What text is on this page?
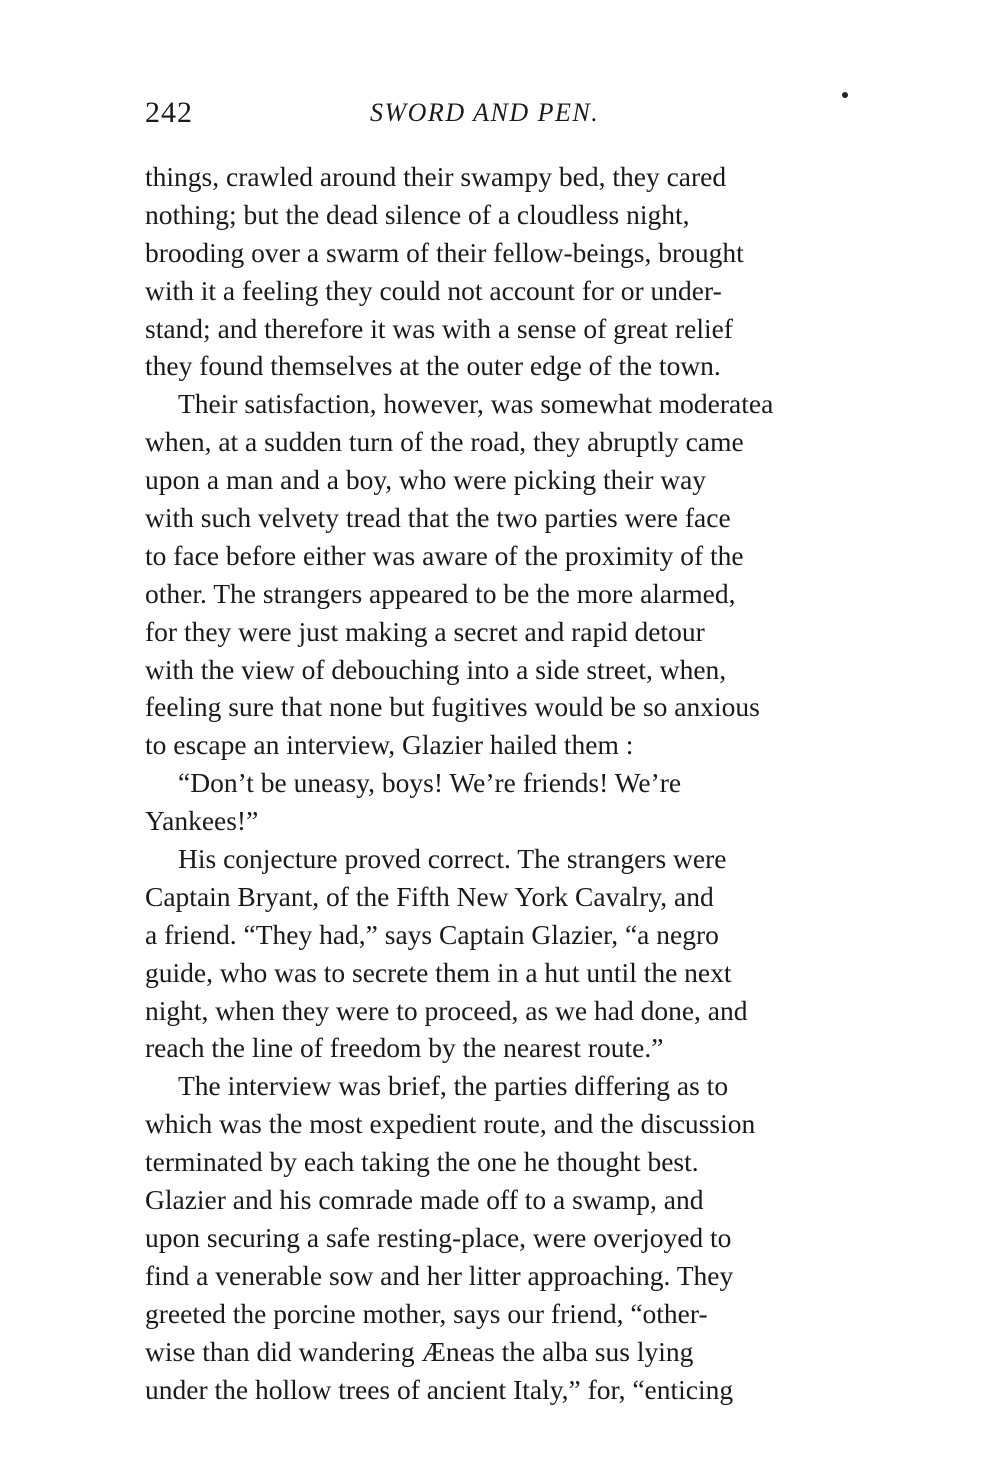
242	SWORD AND PEN.
things, crawled around their swampy bed, they cared
nothing; but the dead silence of a cloudless night,
brooding over a swarm of their fellow-beings, brought
with it a feeling they could not account for or under-
stand; and therefore it was with a sense of great relief
they found themselves at the outer edge of the town.
Their satisfaction, however, was somewhat moderatea
when, at a sudden turn of the road, they abruptly came
upon a man and a boy, who were picking their way
with such velvety tread that the two parties were face
to face before either was aware of the proximity of the
other. The strangers appeared to be the more alarmed,
for they were just making a secret and rapid detour
with the view of debouching into a side street, when,
feeling sure that none but fugitives would be so anxious
to escape an interview, Glazier hailed them :
“Don’t be uneasy, boys! We’re friends! We’re
Yankees!”
His conjecture proved correct. The strangers were
Captain Bryant, of the Fifth New York Cavalry, and
a friend. “They had,” says Captain Glazier, “a negro
guide, who was to secrete them in a hut until the next
night, when they were to proceed, as we had done, and
reach the line of freedom by the nearest route.”
The interview was brief, the parties differing as to
which was the most expedient route, and the discussion
terminated by each taking the one he thought best.
Glazier and his comrade made off to a swamp, and
upon securing a safe resting-place, were overjoyed to
find a venerable sow and her litter approaching. They
greeted the porcine mother, says our friend, “other-
wise than did wandering Æneas the alba sus lying
under the hollow trees of ancient Italy,” for, “enticing
